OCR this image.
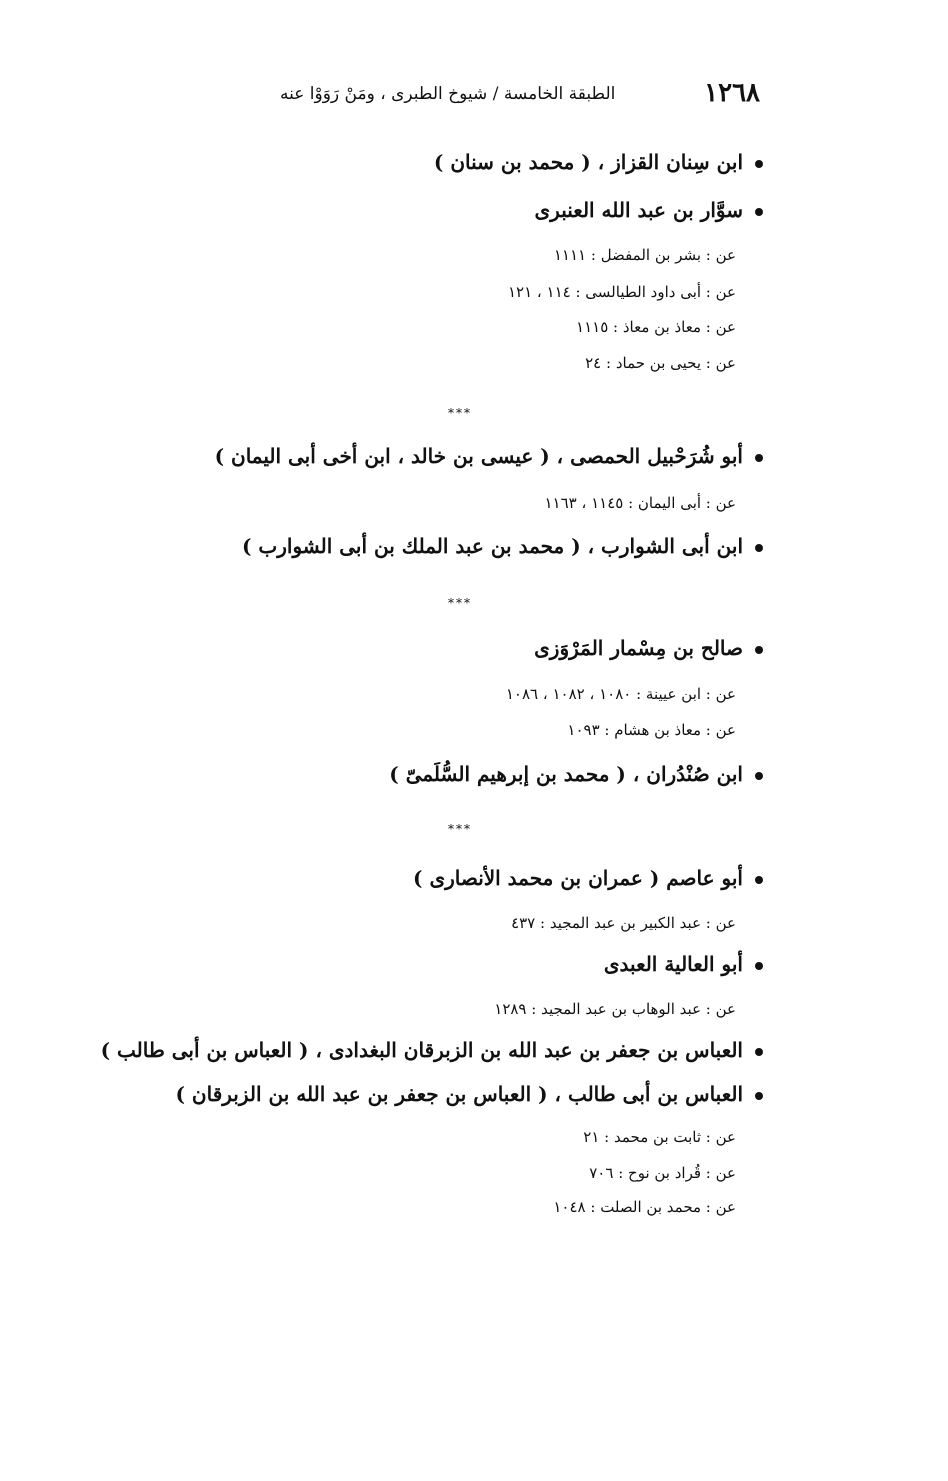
١٢٦٨
الطبقة الخامسة / شيوخ الطبرى ، ومَنْ رَوَوْا عنه
ابن سِنان القزاز ، ( محمد بن سنان )
سوَّار بن عبد الله العنبرى
عن : بشر بن المفضل : ١١١١
عن : أبى داود الطيالسى : ١١٤ ، ١٢١
عن : معاذ بن معاذ : ١١١٥
عن : يحيى بن حماد : ٢٤
***
أبو شُرَحْبيل الحمصى ، ( عيسى بن خالد ، ابن أخى أبى اليمان )
عن : أبى اليمان : ١١٤٥ ، ١١٦٣
ابن أبى الشوارب ، ( محمد بن عبد الملك بن أبى الشوارب )
***
صالح بن مِسْمار المَرْوَزى
عن : ابن عيينة : ١٠٨٠ ، ١٠٨٢ ، ١٠٨٦
عن : معاذ بن هشام : ١٠٩٣
ابن صُنْدُران ، ( محمد بن إبرهيم السُّلَمىّ )
***
أبو عاصم ( عمران بن محمد الأنصارى )
عن : عبد الكبير بن عبد المجيد : ٤٣٧
أبو العالية العبدى
عن : عبد الوهاب بن عبد المجيد : ١٢٨٩
العباس بن جعفر بن عبد الله بن الزبرقان البغدادى ، ( العباس بن أبى طالب )
العباس بن أبى طالب ، ( العباس بن جعفر بن عبد الله بن الزبرقان )
عن : ثابت بن محمد : ٢١
عن : قُراد بن نوح : ٧٠٦
عن : محمد بن الصلت : ١٠٤٨
